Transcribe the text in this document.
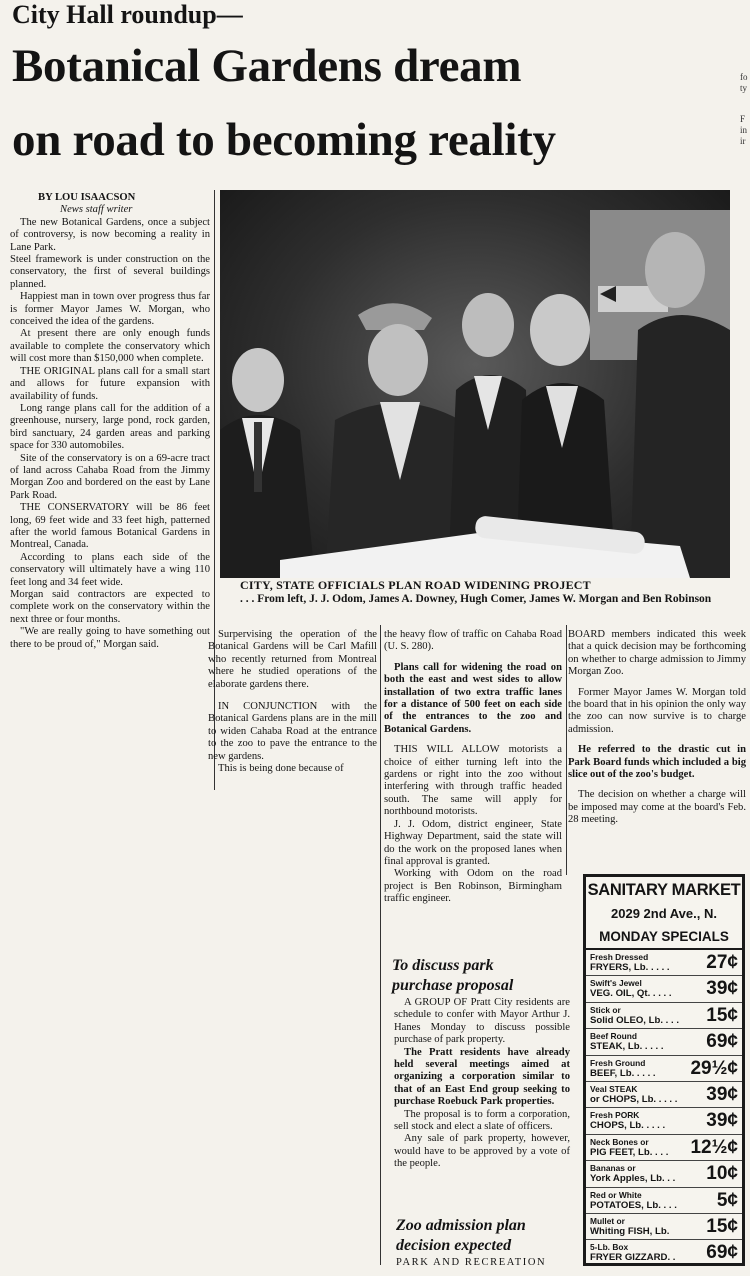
City Hall roundup—
Botanical Gardens dream
on road to becoming reality
fo
ty
F
in
ir

BY LOU ISAACSON

News staff writer

The new Botanical Gardens, once a subject of controversy, is now becoming a reality in Lane Park.

Steel framework is under construction on the conservatory, the first of several buildings planned.

Happiest man in town over progress thus far is former Mayor James W. Morgan, who conceived the idea of the gardens.

At present there are only enough funds available to complete the conservatory which will cost more than $150,000 when complete.

THE ORIGINAL plans call for a small start and allows for future expansion with availability of funds.

Long range plans call for the addition of a greenhouse, nursery, large pond, rock garden, bird sanctuary, 24 garden areas and parking space for 330 automobiles.

Site of the conservatory is on a 69-acre tract of land across Cahaba Road from the Jimmy Morgan Zoo and bordered on the east by Lane Park Road.

THE CONSERVATORY will be 86 feet long, 69 feet wide and 33 feet high, patterned after the world famous Botanical Gardens in Montreal, Canada.

According to plans each side of the conservatory will ultimately have a wing 110 feet long and 34 feet wide.

Morgan said contractors are expected to complete work on the conservatory within the next three or four months.

"We are really going to have something out there to be proud of," Morgan said.

CITY, STATE OFFICIALS PLAN ROAD WIDENING PROJECT
. . . From left, J. J. Odom, James A. Downey, Hugh Comer, James W. Morgan and Ben Robinson

Surpervising the operation of the Botanical Gardens will be Carl Mafill who recently returned from Montreal where he studied operations of the elaborate gardens there.

IN CONJUNCTION with the Botanical Gardens plans are in the mill to widen Cahaba Road at the entrance to the zoo to pave the entrance to the new gardens.

This is being done because of

the heavy flow of traffic on Cahaba Road (U. S. 280).

Plans call for widening the road on both the east and west sides to allow installation of two extra traffic lanes for a distance of 500 feet on each side of the entrances to the zoo and Botanical Gardens.

THIS WILL ALLOW motorists a choice of either turning left into the gardens or right into the zoo without interfering with through traffic headed south. The same will apply for northbound motorists.

J. J. Odom, district engineer, State Highway Department, said the state will do the work on the proposed lanes when final approval is granted.

Working with Odom on the road project is Ben Robinson, Birmingham traffic engineer.

BOARD members indicated this week that a quick decision may be forthcoming on whether to charge admission to Jimmy Morgan Zoo.

Former Mayor James W. Morgan told the board that in his opinion the only way the zoo can now survive is to charge admission.

He referred to the drastic cut in Park Board funds which included a big slice out of the zoo's budget.

The decision on whether a charge will be imposed may come at the board's Feb. 28 meeting.

To discuss park
purchase proposal

A GROUP OF Pratt City residents are schedule to confer with Mayor Arthur J. Hanes Monday to discuss possible purchase of park property.

The Pratt residents have already held several meetings aimed at organizing a corporation similar to that of an East End group seeking to purchase Roebuck Park properties.

The proposal is to form a corporation, sell stock and elect a slate of officers.

Any sale of park property, however, would have to be approved by a vote of the people.

Zoo admission plan
decision expected
PARK AND RECREATION
SANITARY MARKET
2029 2nd Ave., N.
MONDAY SPECIALS
Fresh Dressed
FRYERS, Lb. . . . . 27¢
Swift's Jewel
VEG. OIL, Qt. . . . . 39¢
Stick or
Solid OLEO, Lb. . . . 15¢
Beef Round
STEAK, Lb. . . . . 69¢
Fresh Ground
BEEF, Lb. . . . . 29½¢
Veal STEAK
or CHOPS, Lb. . . . . 39¢
Fresh PORK
CHOPS, Lb. . . . . 39¢
Neck Bones or
PIG FEET, Lb. . . . 12½¢
Bananas or
York Apples, Lb. . . 10¢
Red or White
POTATOES, Lb. . . . 5¢
Mullet or
Whiting FISH, Lb. 15¢
5-Lb. Box
FRYER GIZZARD. . 69¢
